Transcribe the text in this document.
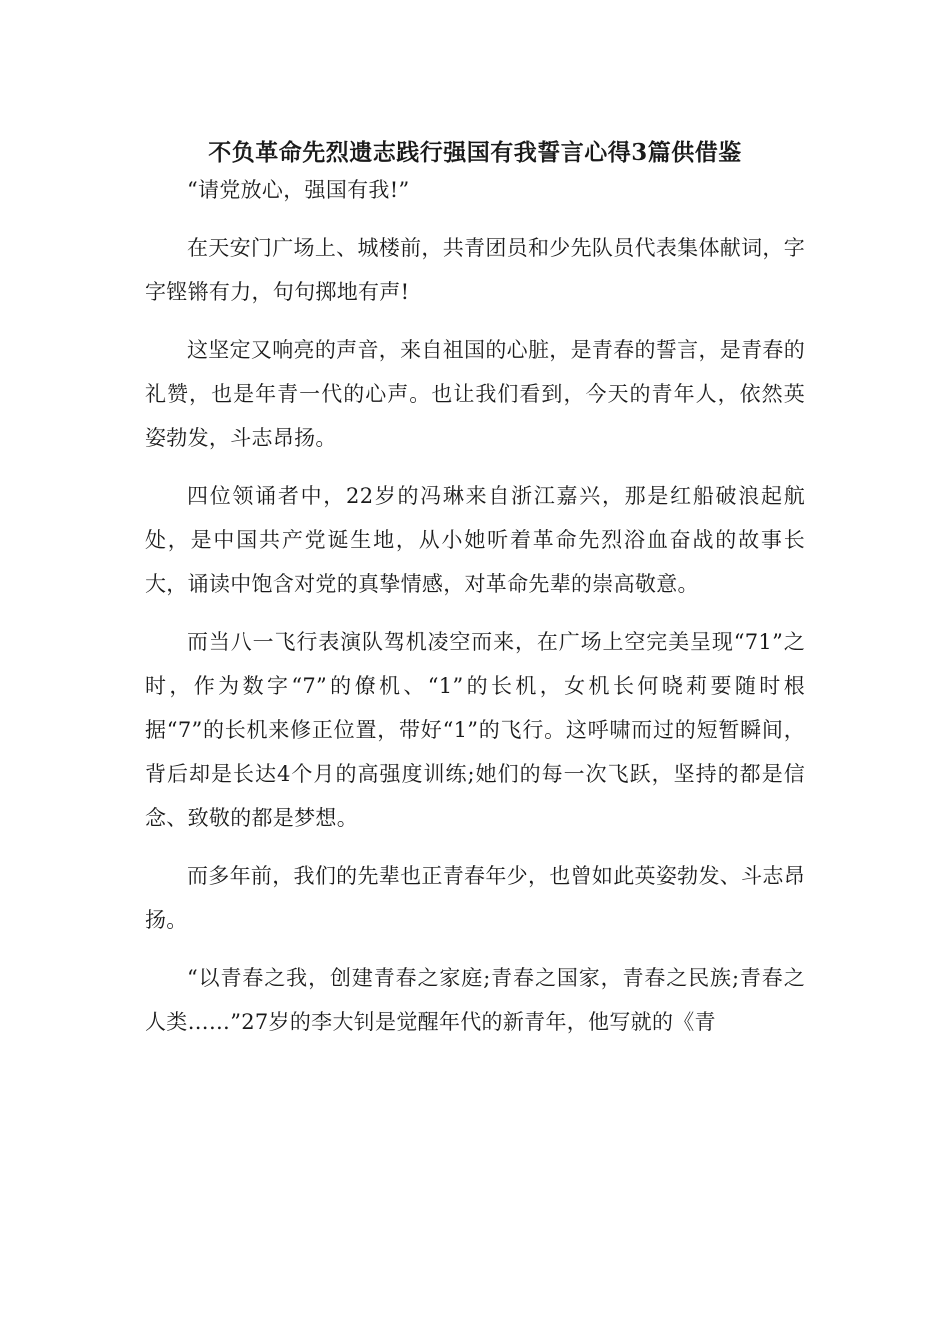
不负革命先烈遗志践行强国有我誓言心得3篇供借鉴

“请党放心，强国有我!”

在天安门广场上、城楼前，共青团员和少先队员代表集体献词，字字铿锵有力，句句掷地有声!

这坚定又响亮的声音，来自祖国的心脏，是青春的誓言，是青春的礼赞，也是年青一代的心声。也让我们看到，今天的青年人，依然英姿勃发，斗志昂扬。

四位领诵者中，22岁的冯琳来自浙江嘉兴，那是红船破浪起航处，是中国共产党诞生地，从小她听着革命先烈浴血奋战的故事长大，诵读中饱含对党的真挚情感，对革命先辈的崇高敬意。

而当八一飞行表演队驾机凌空而来，在广场上空完美呈现“71”之时，作为数字“7”的僚机、“1”的长机，女机长何晓莉要随时根据“7”的长机来修正位置，带好“1”的飞行。这呼啸而过的短暂瞬间，背后却是长达4个月的高强度训练;她们的每一次飞跃，坚持的都是信念、致敬的都是梦想。

而多年前，我们的先辈也正青春年少，也曾如此英姿勃发、斗志昂扬。

“以青春之我，创建青春之家庭;青春之国家，青春之民族;青春之人类……”27岁的李大钊是觉醒年代的新青年，他写就的《青
